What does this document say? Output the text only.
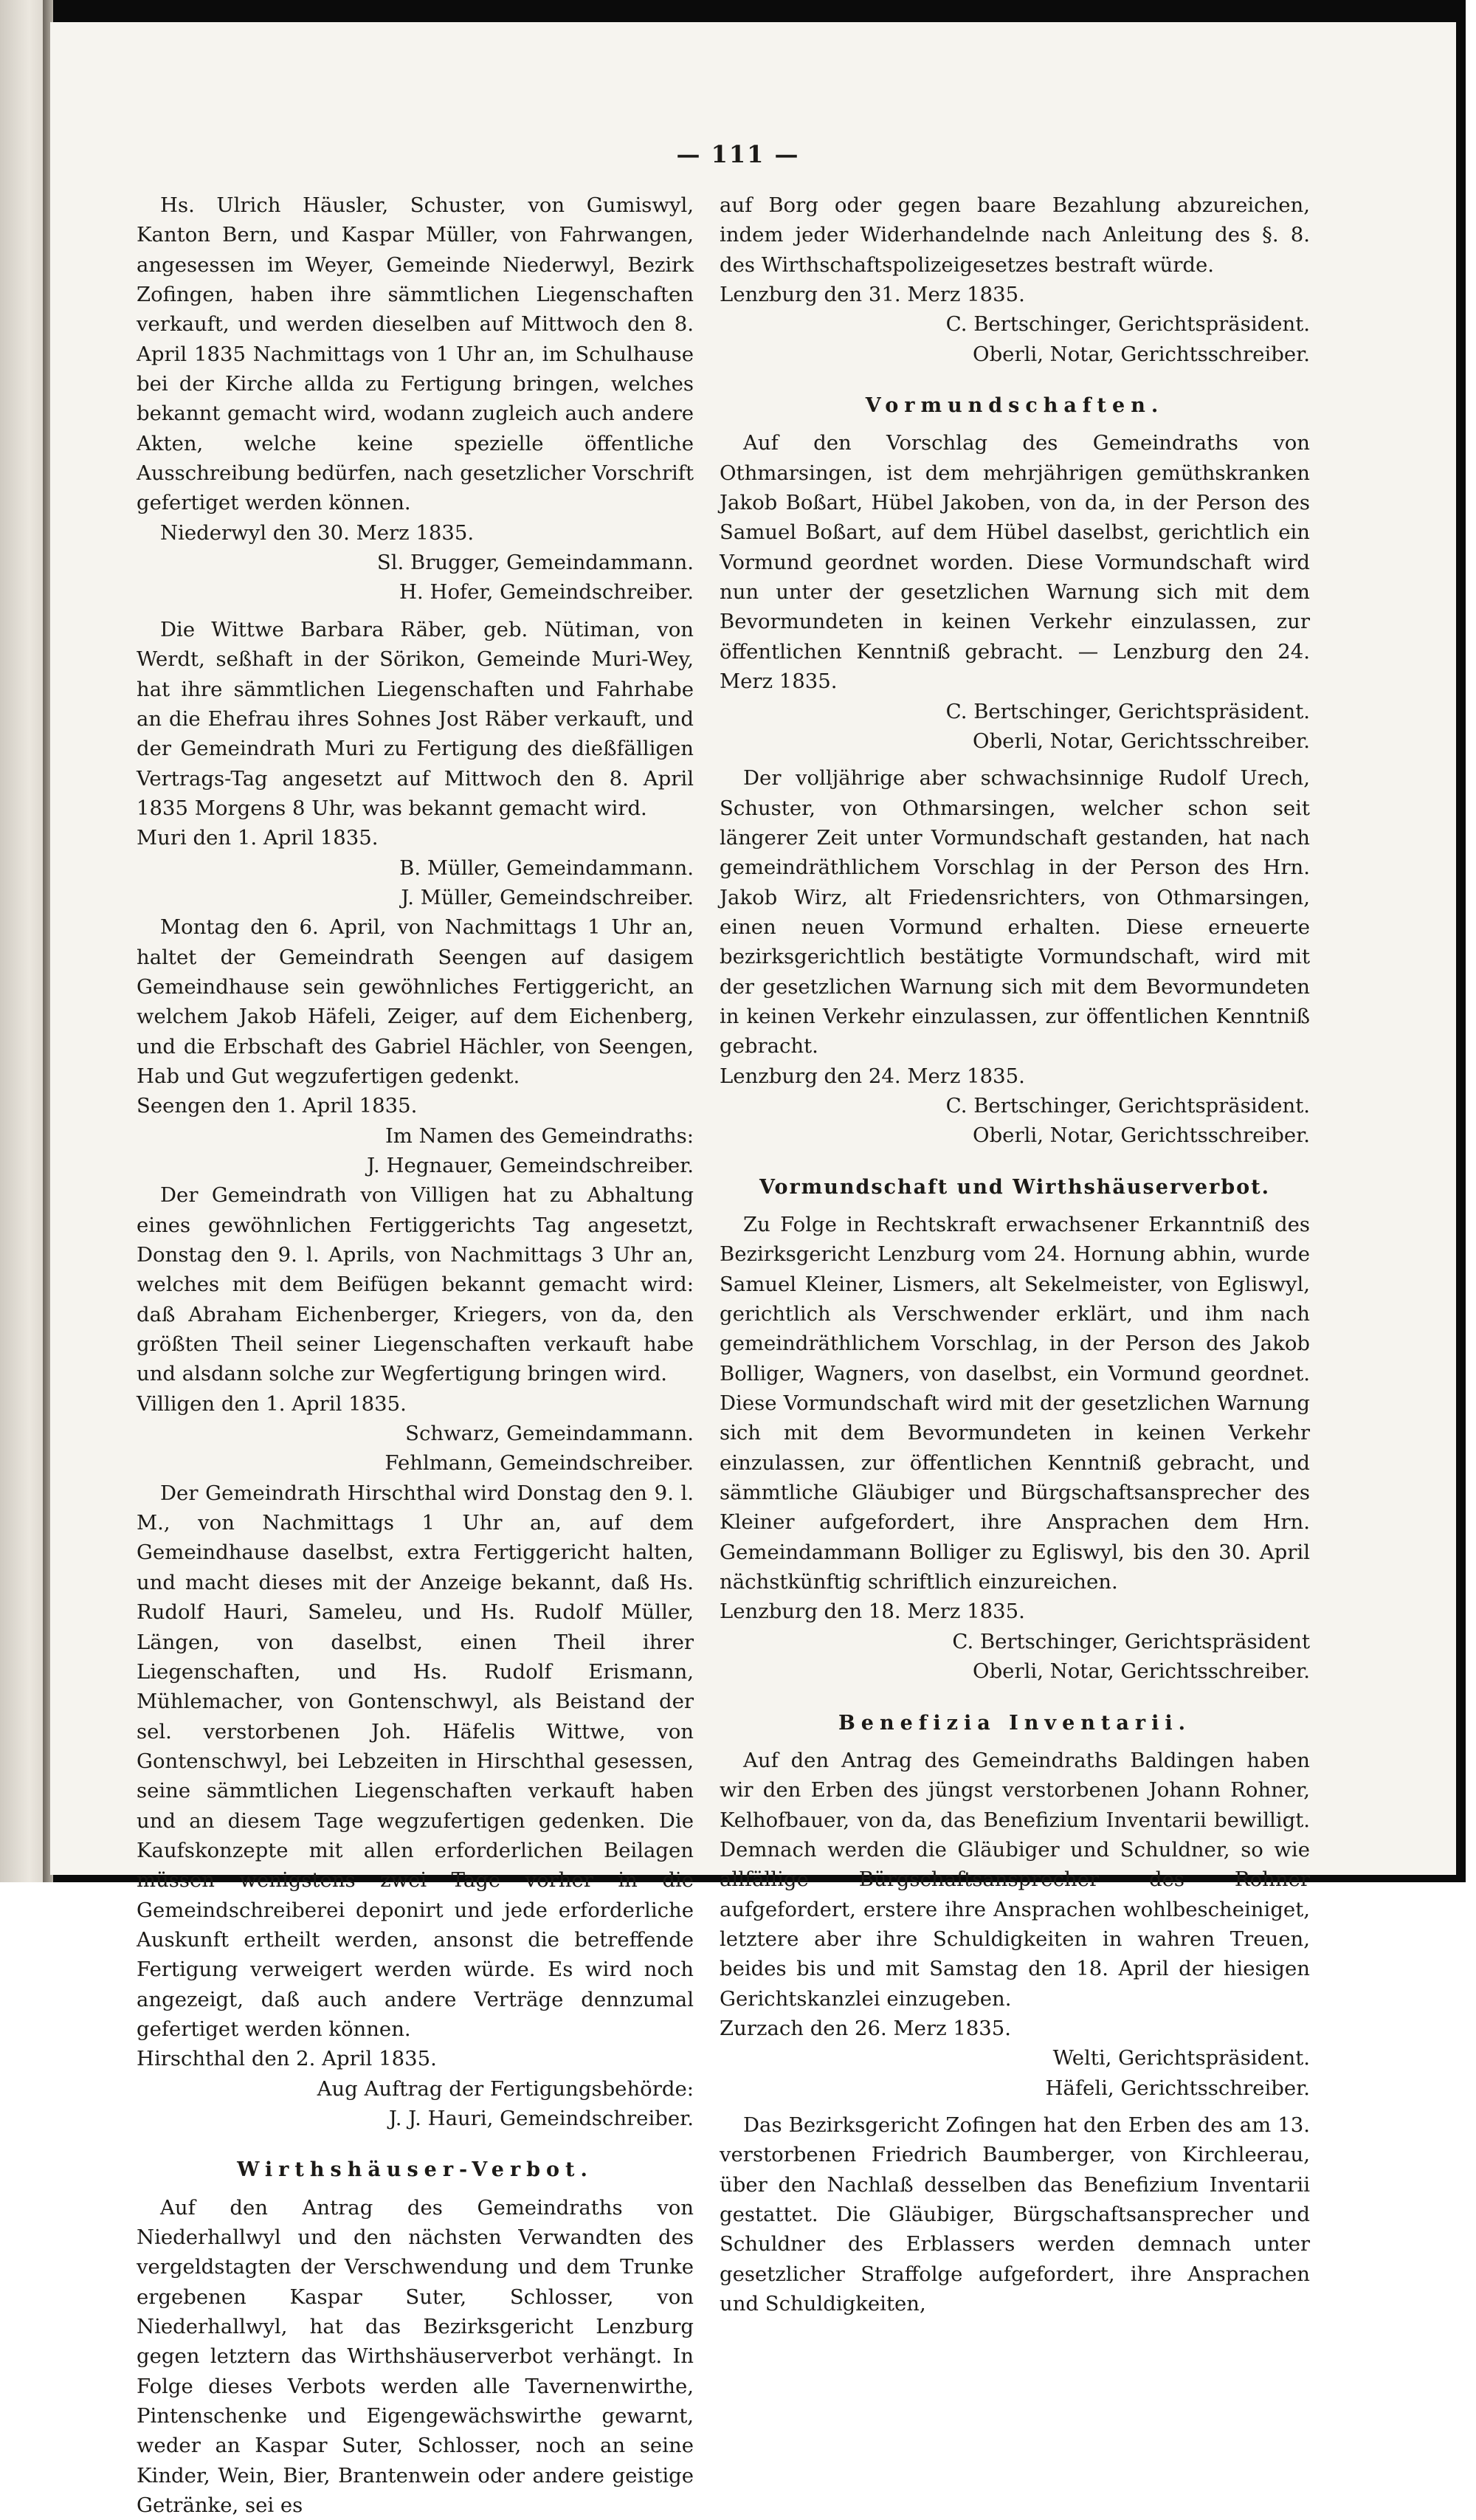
— 111 —

Hs. Ulrich Häusler, Schuster, von Gumiswyl, Kanton Bern, und Kaspar Müller, von Fahrwangen, angesessen im Weyer, Gemeinde Niederwyl, Bezirk Zofingen, haben ihre sämmtlichen Liegenschaften verkauft, und werden dieselben auf Mittwoch den 8. April 1835 Nachmittags von 1 Uhr an, im Schulhause bei der Kirche allda zu Fertigung bringen, welches bekannt gemacht wird, wodann zugleich auch andere Akten, welche keine spezielle öffentliche Ausschreibung bedürfen, nach gesetzlicher Vorschrift gefertiget werden können.

Niederwyl den 30. Merz 1835.

Sl. Brugger, Gemeindammann.

H. Hofer, Gemeindschreiber.

Die Wittwe Barbara Räber, geb. Nütiman, von Werdt, seßhaft in der Sörikon, Gemeinde Muri-Wey, hat ihre sämmtlichen Liegenschaften und Fahrhabe an die Ehefrau ihres Sohnes Jost Räber verkauft, und der Gemeindrath Muri zu Fertigung des dießfälligen Vertrags-Tag angesetzt auf Mittwoch den 8. April 1835 Morgens 8 Uhr, was bekannt gemacht wird.

Muri den 1. April 1835.

B. Müller, Gemeindammann.

J. Müller, Gemeindschreiber.

Montag den 6. April, von Nachmittags 1 Uhr an, haltet der Gemeindrath Seengen auf dasigem Gemeindhause sein gewöhnliches Fertiggericht, an welchem Jakob Häfeli, Zeiger, auf dem Eichenberg, und die Erbschaft des Gabriel Hächler, von Seengen, Hab und Gut wegzufertigen gedenkt.

Seengen den 1. April 1835.

Im Namen des Gemeindraths:

J. Hegnauer, Gemeindschreiber.

Der Gemeindrath von Villigen hat zu Abhaltung eines gewöhnlichen Fertiggerichts Tag angesetzt, Donstag den 9. l. Aprils, von Nachmittags 3 Uhr an, welches mit dem Beifügen bekannt gemacht wird: daß Abraham Eichenberger, Kriegers, von da, den größten Theil seiner Liegenschaften verkauft habe und alsdann solche zur Wegfertigung bringen wird.

Villigen den 1. April 1835.

Schwarz, Gemeindammann.

Fehlmann, Gemeindschreiber.

Der Gemeindrath Hirschthal wird Donstag den 9. l. M., von Nachmittags 1 Uhr an, auf dem Gemeindhause daselbst, extra Fertiggericht halten, und macht dieses mit der Anzeige bekannt, daß Hs. Rudolf Hauri, Sameleu, und Hs. Rudolf Müller, Längen, von daselbst, einen Theil ihrer Liegenschaften, und Hs. Rudolf Erismann, Mühlemacher, von Gontenschwyl, als Beistand der sel. verstorbenen Joh. Häfelis Wittwe, von Gontenschwyl, bei Lebzeiten in Hirschthal gesessen, seine sämmtlichen Liegenschaften verkauft haben und an diesem Tage wegzufertigen gedenken. Die Kaufskonzepte mit allen erforderlichen Beilagen müssen wenigstens zwei Tage vorher in die Gemeindschreiberei deponirt und jede erforderliche Auskunft ertheilt werden, ansonst die betreffende Fertigung verweigert werden würde. Es wird noch angezeigt, daß auch andere Verträge dennzumal gefertiget werden können.

Hirschthal den 2. April 1835.

Aug Auftrag der Fertigungsbehörde:

J. J. Hauri, Gemeindschreiber.

Wirthshäuser-Verbot.

Auf den Antrag des Gemeindraths von Niederhallwyl und den nächsten Verwandten des vergeldstagten der Verschwendung und dem Trunke ergebenen Kaspar Suter, Schlosser, von Niederhallwyl, hat das Bezirksgericht Lenzburg gegen letztern das Wirthshäuserverbot verhängt. In Folge dieses Verbots werden alle Tavernenwirthe, Pintenschenke und Eigengewächswirthe gewarnt, weder an Kaspar Suter, Schlosser, noch an seine Kinder, Wein, Bier, Brantenwein oder andere geistige Getränke, sei es

auf Borg oder gegen baare Bezahlung abzureichen, indem jeder Widerhandelnde nach Anleitung des §. 8. des Wirthschaftspolizeigesetzes bestraft würde.

Lenzburg den 31. Merz 1835.

C. Bertschinger, Gerichtspräsident.

Oberli, Notar, Gerichtsschreiber.

Vormundschaften.

Auf den Vorschlag des Gemeindraths von Othmarsingen, ist dem mehrjährigen gemüthskranken Jakob Boßart, Hübel Jakoben, von da, in der Person des Samuel Boßart, auf dem Hübel daselbst, gerichtlich ein Vormund geordnet worden. Diese Vormundschaft wird nun unter der gesetzlichen Warnung sich mit dem Bevormundeten in keinen Verkehr einzulassen, zur öffentlichen Kenntniß gebracht. — Lenzburg den 24. Merz 1835.

C. Bertschinger, Gerichtspräsident.

Oberli, Notar, Gerichtsschreiber.

Der volljährige aber schwachsinnige Rudolf Urech, Schuster, von Othmarsingen, welcher schon seit längerer Zeit unter Vormundschaft gestanden, hat nach gemeindräthlichem Vorschlag in der Person des Hrn. Jakob Wirz, alt Friedensrichters, von Othmarsingen, einen neuen Vormund erhalten. Diese erneuerte bezirksgerichtlich bestätigte Vormundschaft, wird mit der gesetzlichen Warnung sich mit dem Bevormundeten in keinen Verkehr einzulassen, zur öffentlichen Kenntniß gebracht.

Lenzburg den 24. Merz 1835.

C. Bertschinger, Gerichtspräsident.

Oberli, Notar, Gerichtsschreiber.

Vormundschaft und Wirthshäuserverbot.

Zu Folge in Rechtskraft erwachsener Erkanntniß des Bezirksgericht Lenzburg vom 24. Hornung abhin, wurde Samuel Kleiner, Lismers, alt Sekelmeister, von Egliswyl, gerichtlich als Verschwender erklärt, und ihm nach gemeindräthlichem Vorschlag, in der Person des Jakob Bolliger, Wagners, von daselbst, ein Vormund geordnet. Diese Vormundschaft wird mit der gesetzlichen Warnung sich mit dem Bevormundeten in keinen Verkehr einzulassen, zur öffentlichen Kenntniß gebracht, und sämmtliche Gläubiger und Bürgschaftsansprecher des Kleiner aufgefordert, ihre Ansprachen dem Hrn. Gemeindammann Bolliger zu Egliswyl, bis den 30. April nächstkünftig schriftlich einzureichen.

Lenzburg den 18. Merz 1835.

C. Bertschinger, Gerichtspräsident

Oberli, Notar, Gerichtsschreiber.

Benefizia Inventarii.

Auf den Antrag des Gemeindraths Baldingen haben wir den Erben des jüngst verstorbenen Johann Rohner, Kelhofbauer, von da, das Benefizium Inventarii bewilligt. Demnach werden die Gläubiger und Schuldner, so wie allfällige Bürgschaftsansprecher des Rohner aufgefordert, erstere ihre Ansprachen wohlbescheiniget, letztere aber ihre Schuldigkeiten in wahren Treuen, beides bis und mit Samstag den 18. April der hiesigen Gerichtskanzlei einzugeben.

Zurzach den 26. Merz 1835.

Welti, Gerichtspräsident.

Häfeli, Gerichtsschreiber.

Das Bezirksgericht Zofingen hat den Erben des am 13. verstorbenen Friedrich Baumberger, von Kirchleerau, über den Nachlaß desselben das Benefizium Inventarii gestattet. Die Gläubiger, Bürgschaftsansprecher und Schuldner des Erblassers werden demnach unter gesetzlicher Straffolge aufgefordert, ihre Ansprachen und Schuldigkeiten,
